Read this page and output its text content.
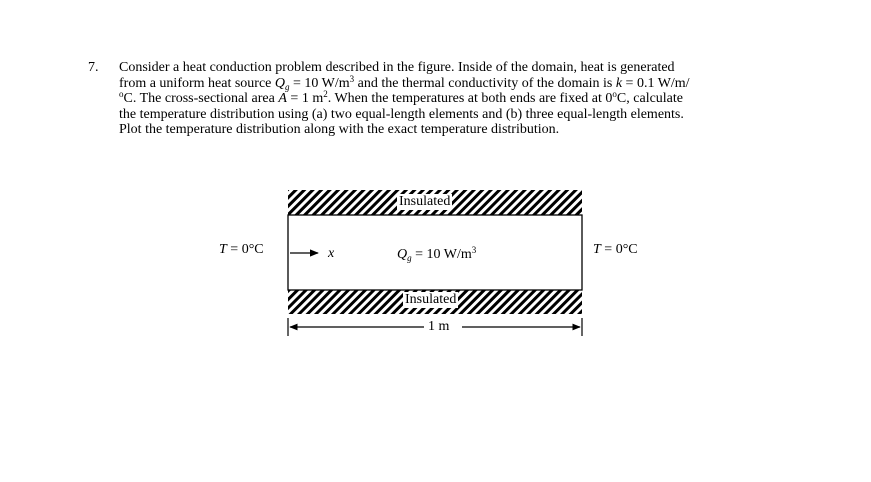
7. Consider a heat conduction problem described in the figure. Inside of the domain, heat is generated
from a uniform heat source $Q_g = 10$ $W/m^3$ and the thermal conductivity of the domain is k = 0.1 W/m/
$^o$C. The cross-sectional area A = 1 $m^2$. When the temperatures at both ends are fixed at 0$^o$C, calculate
the temperature distribution using (a) two equal-length elements and (b) three equal-length elements.
Plot the temperature distribution along with the exact temperature distribution.
Insulated
Insulated
T = 0°C	T = 0°C
x	$Q_g = 10$ $W/m^3$
1 m
